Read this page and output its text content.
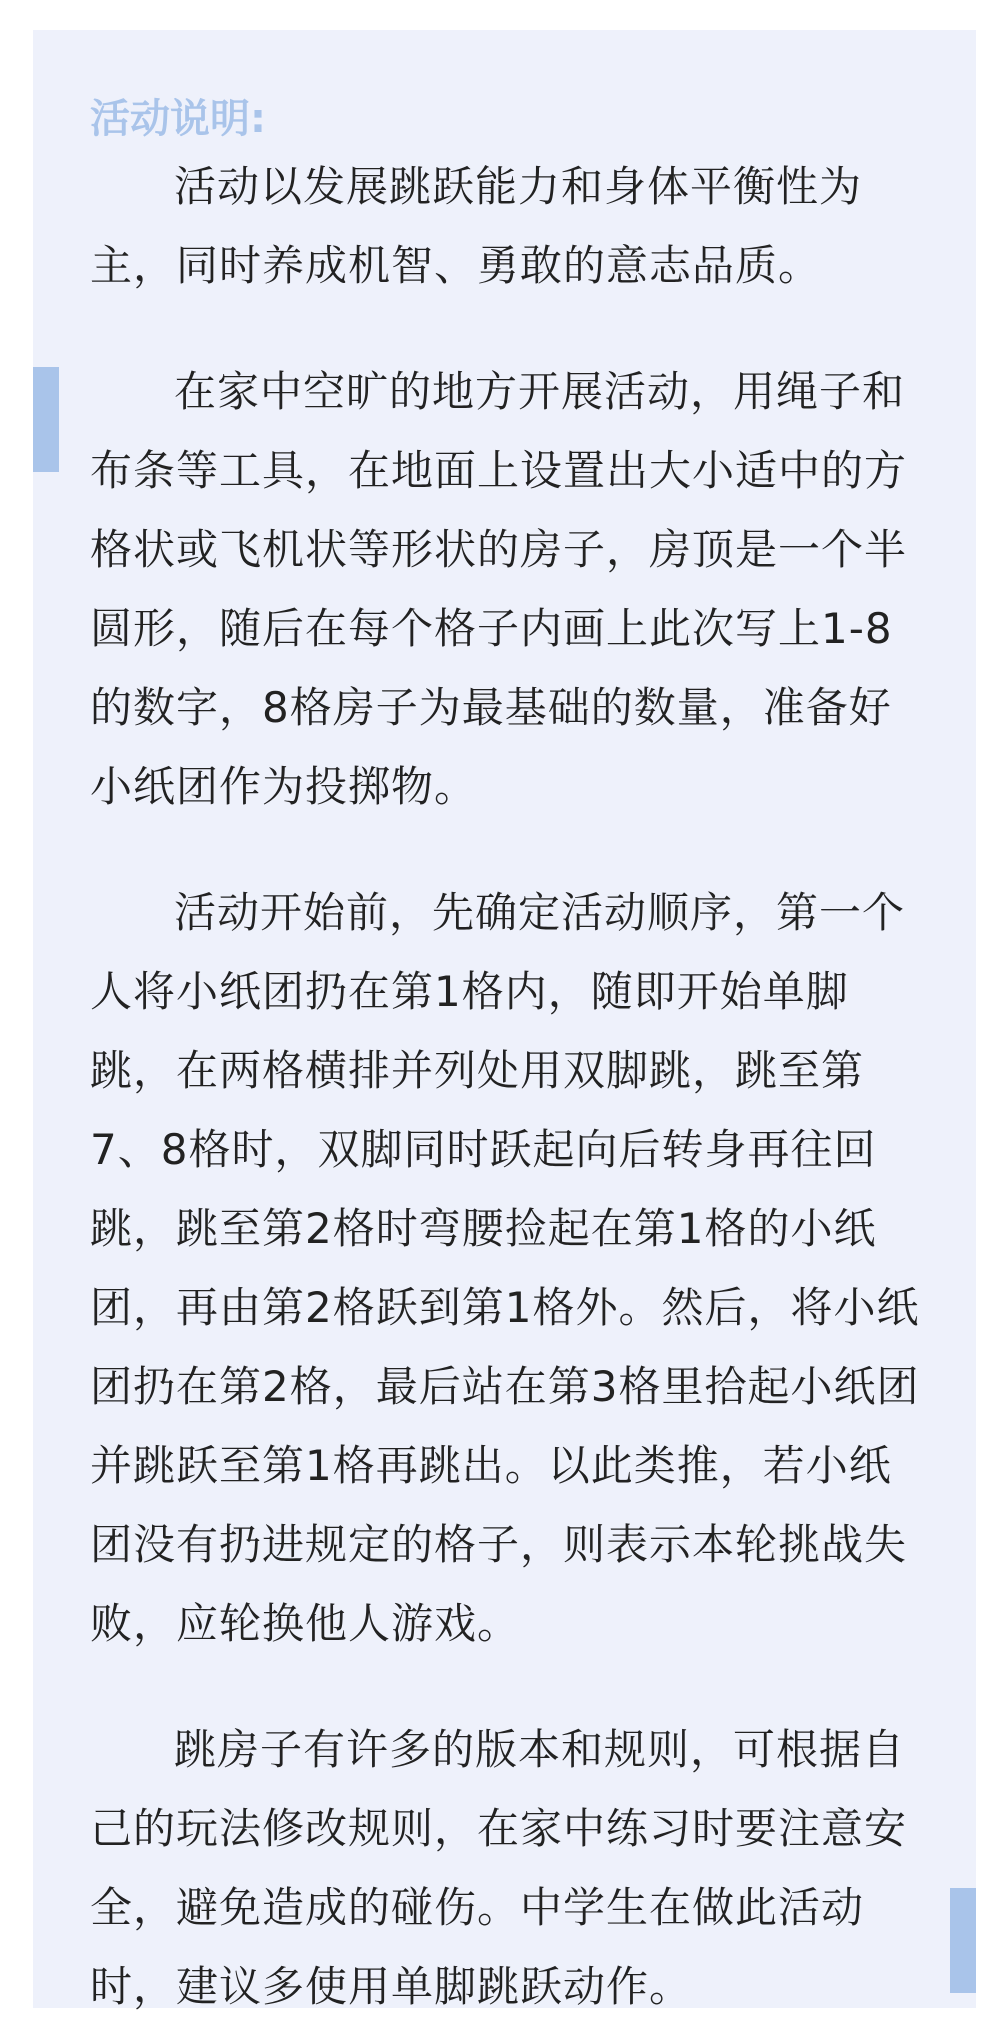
活动说明:

活动以发展跳跃能力和身体平衡性为主，同时养成机智、勇敢的意志品质。

在家中空旷的地方开展活动，用绳子和布条等工具，在地面上设置出大小适中的方格状或飞机状等形状的房子，房顶是一个半圆形，随后在每个格子内画上此次写上1-8的数字，8格房子为最基础的数量，准备好小纸团作为投掷物。

活动开始前，先确定活动顺序，第一个人将小纸团扔在第1格内，随即开始单脚跳，在两格横排并列处用双脚跳，跳至第7、8格时，双脚同时跃起向后转身再往回跳，跳至第2格时弯腰捡起在第1格的小纸团，再由第2格跃到第1格外。然后，将小纸团扔在第2格，最后站在第3格里拾起小纸团并跳跃至第1格再跳出。以此类推，若小纸团没有扔进规定的格子，则表示本轮挑战失败，应轮换他人游戏。

跳房子有许多的版本和规则，可根据自己的玩法修改规则，在家中练习时要注意安全，避免造成的碰伤。中学生在做此活动时，建议多使用单脚跳跃动作。
